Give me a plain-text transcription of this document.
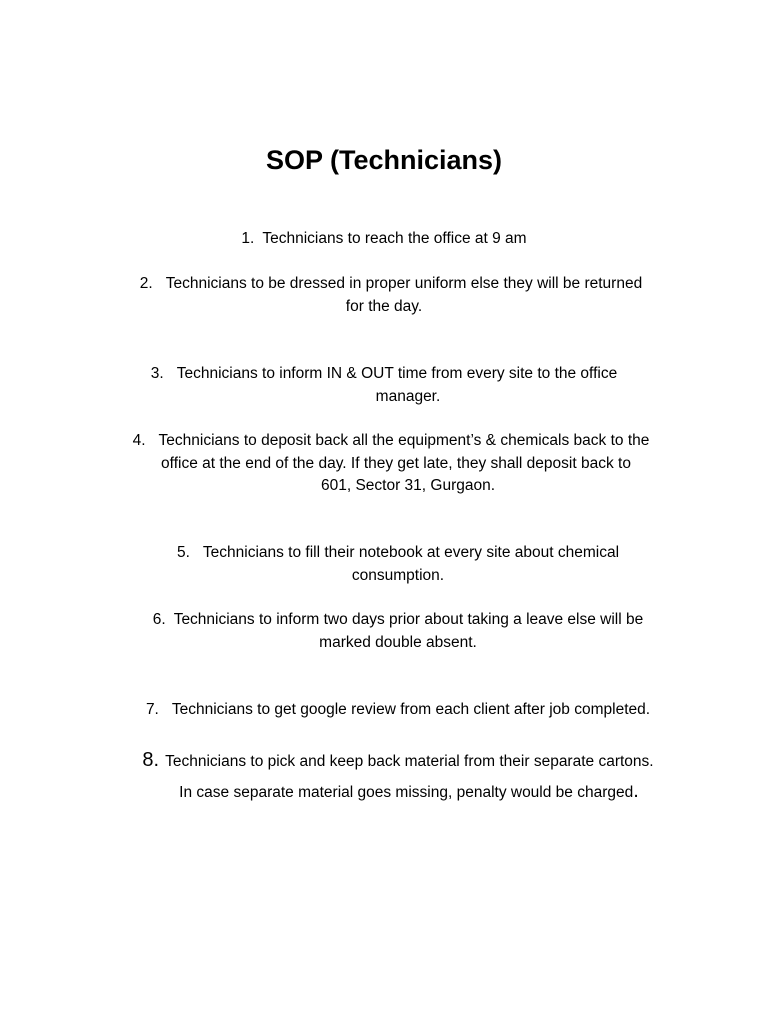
SOP (Technicians)
1. Technicians to reach the office at 9 am
2. Technicians to be dressed in proper uniform else they will be returned
for the day.
3. Technicians to inform IN & OUT time from every site to the office
manager.
4. Technicians to deposit back all the equipment’s & chemicals back to the
office at the end of the day. If they get late, they shall deposit back to
601, Sector 31, Gurgaon.
5. Technicians to fill their notebook at every site about chemical
consumption.
6. Technicians to inform two days prior about taking a leave else will be
marked double absent.
7. Technicians to get google review from each client after job completed.
8. Technicians to pick and keep back material from their separate cartons.
In case separate material goes missing, penalty would be charged.
